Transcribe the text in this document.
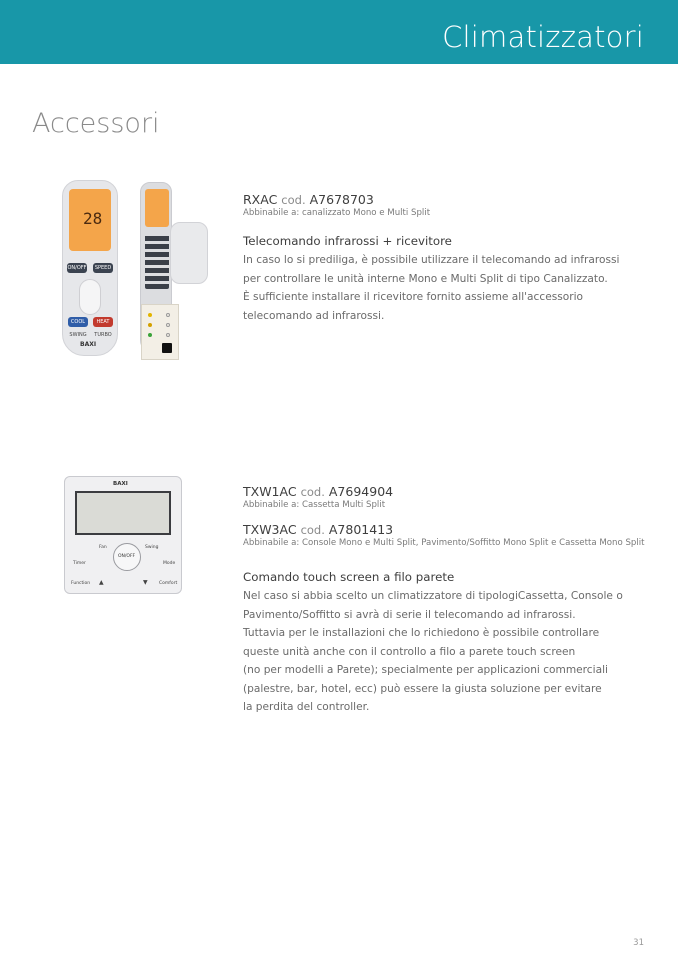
Climatizzatori
Accessori
28
ON/OFF	SPEED
COOL	HEAT
SWING TURBO
BAXI
RXAC cod. A7678703
Abbinabile a: canalizzato Mono e Multi Split
Telecomando infrarossi + ricevitore

In caso lo si prediliga, è possibile utilizzare il telecomando ad infrarossi

per controllare le unità interne Mono e Multi Split di tipo Canalizzato.

È sufficiente installare il ricevitore fornito assieme all'accessorio

telecomando ad infrarossi.

BAXI
Timer
Fan	Swing
Mode
ON/OFF
Function ▲	▼	Comfort
TXW1AC cod. A7694904
Abbinabile a: Cassetta Multi Split
TXW3AC cod. A7801413
Abbinabile a: Console Mono e Multi Split, Pavimento/Soffitto Mono Split e Cassetta Mono Split
Comando touch screen a filo parete

Nel caso si abbia scelto un climatizzatore di tipologiCassetta, Console o

Pavimento/Soffitto si avrà di serie il telecomando ad infrarossi.

Tuttavia per le installazioni che lo richiedono è possibile controllare

queste unità anche con il controllo a filo a parete touch screen

(no per modelli a Parete); specialmente per applicazioni commerciali

(palestre, bar, hotel, ecc) può essere la giusta soluzione per evitare

la perdita del controller.

31
